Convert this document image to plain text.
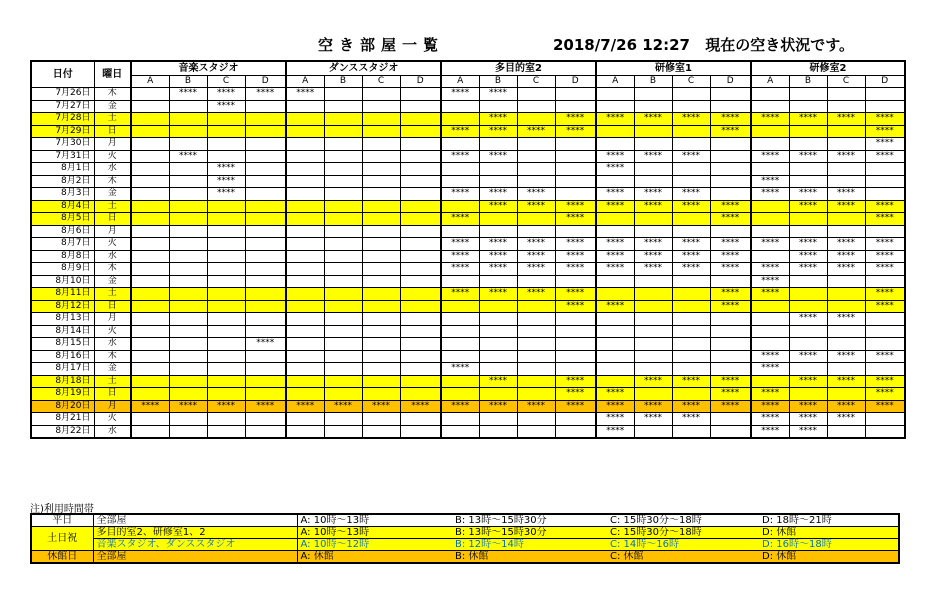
空き部屋一覧	2018/7/26 12:27 現在の空き状況です。
日付	曜日	音楽スタジオ				ダンススタジオ				多目的室2				研修室1				研修室2			
		A	B	C	D	A	B	C	D	A	B	C	D	A	B	C	D	A	B	C	D
7月26日	木		****	****	****	****				****	****										
7月27日	金			****																	
7月28日	土										****		****	****	****	****	****	****	****	****	****
7月29日	日									****	****	****	****				****				****
7月30日	月																				****
7月31日	火		****							****	****			****	****	****		****	****	****	****
8月1日	水			****										****							
8月2日	木			****														****			
8月3日	金			****						****	****	****		****	****	****		****	****	****	
8月4日	土										****	****	****	****	****	****	****		****	****	****
8月5日	日									****			****				****				****
8月6日	月																				
8月7日	火									****	****	****	****	****	****	****	****	****	****	****	****
8月8日	水									****	****	****	****	****	****	****	****		****	****	****
8月9日	木									****	****	****	****	****	****	****	****	****	****	****	****
8月10日	金																	****			
8月11日	土									****	****	****	****				****	****			****
8月12日	日												****	****			****				****
8月13日	月																		****	****	
8月14日	火																				
8月15日	水				****																
8月16日	木																	****	****	****	****
8月17日	金									****								****			
8月18日	土										****		****		****	****	****		****	****	****
8月19日	日												****	****			****	****			****
8月20日	月	****	****	****	****	****	****	****	****	****	****	****	****	****	****	****	****	****	****	****	****
8月21日	火													****	****	****		****	****	****	
8月22日	水													****				****	****		
注)利用時間帯
平日	全部屋	A: 10時～13時	B: 13時～15時30分	C: 15時30分～18時	D: 18時～21時
土日祝	多目的室2、研修室1、2	A: 10時～13時	B: 13時～15時30分	C: 15時30分～18時	D: 休館
	音楽スタジオ、ダンススタジオ	A: 10時～12時	B: 12時～14時	C: 14時～16時	D: 16時～18時
休館日	全部屋	A: 休館	B: 休館	C: 休館	D: 休館
